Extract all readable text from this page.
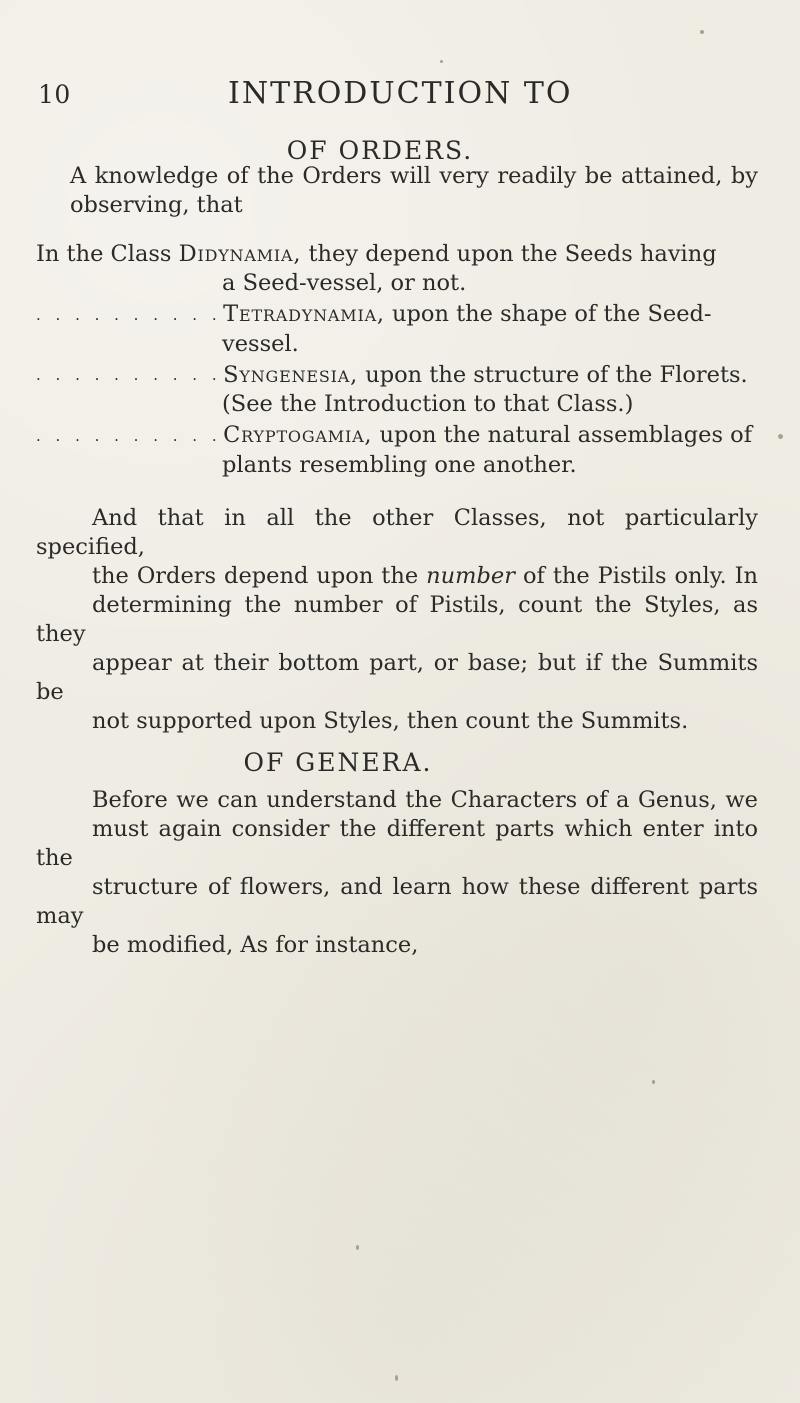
10	INTRODUCTION TO
OF ORDERS.
A knowledge of the Orders will very readily be attained, by
observing, that
In the Class Didynamia, they depend upon the Seeds having
a Seed-vessel, or not.
. . . . . . . . . . Tetradynamia, upon the shape of the Seed-
vessel.
. . . . . . . . . . Syngenesia, upon the structure of the Florets.
(See the Introduction to that Class.)
. . . . . . . . . . Cryptogamia, upon the natural assemblages of
plants resembling one another.
And that in all the other Classes, not particularly specified,
the Orders depend upon the number of the Pistils only. In
determining the number of Pistils, count the Styles, as they
appear at their bottom part, or base; but if the Summits be
not supported upon Styles, then count the Summits.
OF GENERA.
Before we can understand the Characters of a Genus, we
must again consider the different parts which enter into the
structure of flowers, and learn how these different parts may
be modified, As for instance,
